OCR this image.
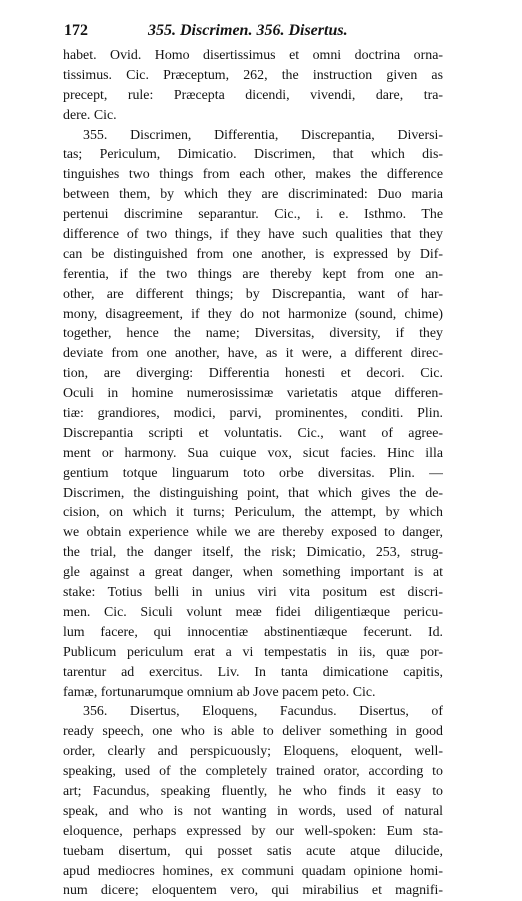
172	355. Discrimen. 356. Disertus.
habet. Ovid. Homo disertissimus et omni doctrina orna-
tissimus. Cic. Præceptum, 262, the instruction given as
precept, rule: Præcepta dicendi, vivendi, dare, tra-
dere. Cic.
355. Discrimen, Differentia, Discrepantia, Diversi-
tas; Periculum, Dimicatio. Discrimen, that which dis-
tinguishes two things from each other, makes the difference
between them, by which they are discriminated: Duo maria
pertenui discrimine separantur. Cic., i. e. Isthmo. The
difference of two things, if they have such qualities that they
can be distinguished from one another, is expressed by Dif-
ferentia, if the two things are thereby kept from one an-
other, are different things; by Discrepantia, want of har-
mony, disagreement, if they do not harmonize (sound, chime)
together, hence the name; Diversitas, diversity, if they
deviate from one another, have, as it were, a different direc-
tion, are diverging: Differentia honesti et decori. Cic.
Oculi in homine numerosissimæ varietatis atque differen-
tiæ: grandiores, modici, parvi, prominentes, conditi. Plin.
Discrepantia scripti et voluntatis. Cic., want of agree-
ment or harmony. Sua cuique vox, sicut facies. Hinc illa
gentium totque linguarum toto orbe diversitas. Plin. —
Discrimen, the distinguishing point, that which gives the de-
cision, on which it turns; Periculum, the attempt, by which
we obtain experience while we are thereby exposed to danger,
the trial, the danger itself, the risk; Dimicatio, 253, strug-
gle against a great danger, when something important is at
stake: Totius belli in unius viri vita positum est discri-
men. Cic. Siculi volunt meæ fidei diligentiæque pericu-
lum facere, qui innocentiæ abstinentiæque fecerunt. Id.
Publicum periculum erat a vi tempestatis in iis, quæ por-
tarentur ad exercitus. Liv. In tanta dimicatione capitis,
famæ, fortunarumque omnium ab Jove pacem peto. Cic.
356. Disertus, Eloquens, Facundus. Disertus, of
ready speech, one who is able to deliver something in good
order, clearly and perspicuously; Eloquens, eloquent, well-
speaking, used of the completely trained orator, according to
art; Facundus, speaking fluently, he who finds it easy to
speak, and who is not wanting in words, used of natural
eloquence, perhaps expressed by our well-spoken: Eum sta-
tuebam disertum, qui posset satis acute atque dilucide,
apud mediocres homines, ex communi quadam opinione homi-
num dicere; eloquentem vero, qui mirabilius et magnifi-
